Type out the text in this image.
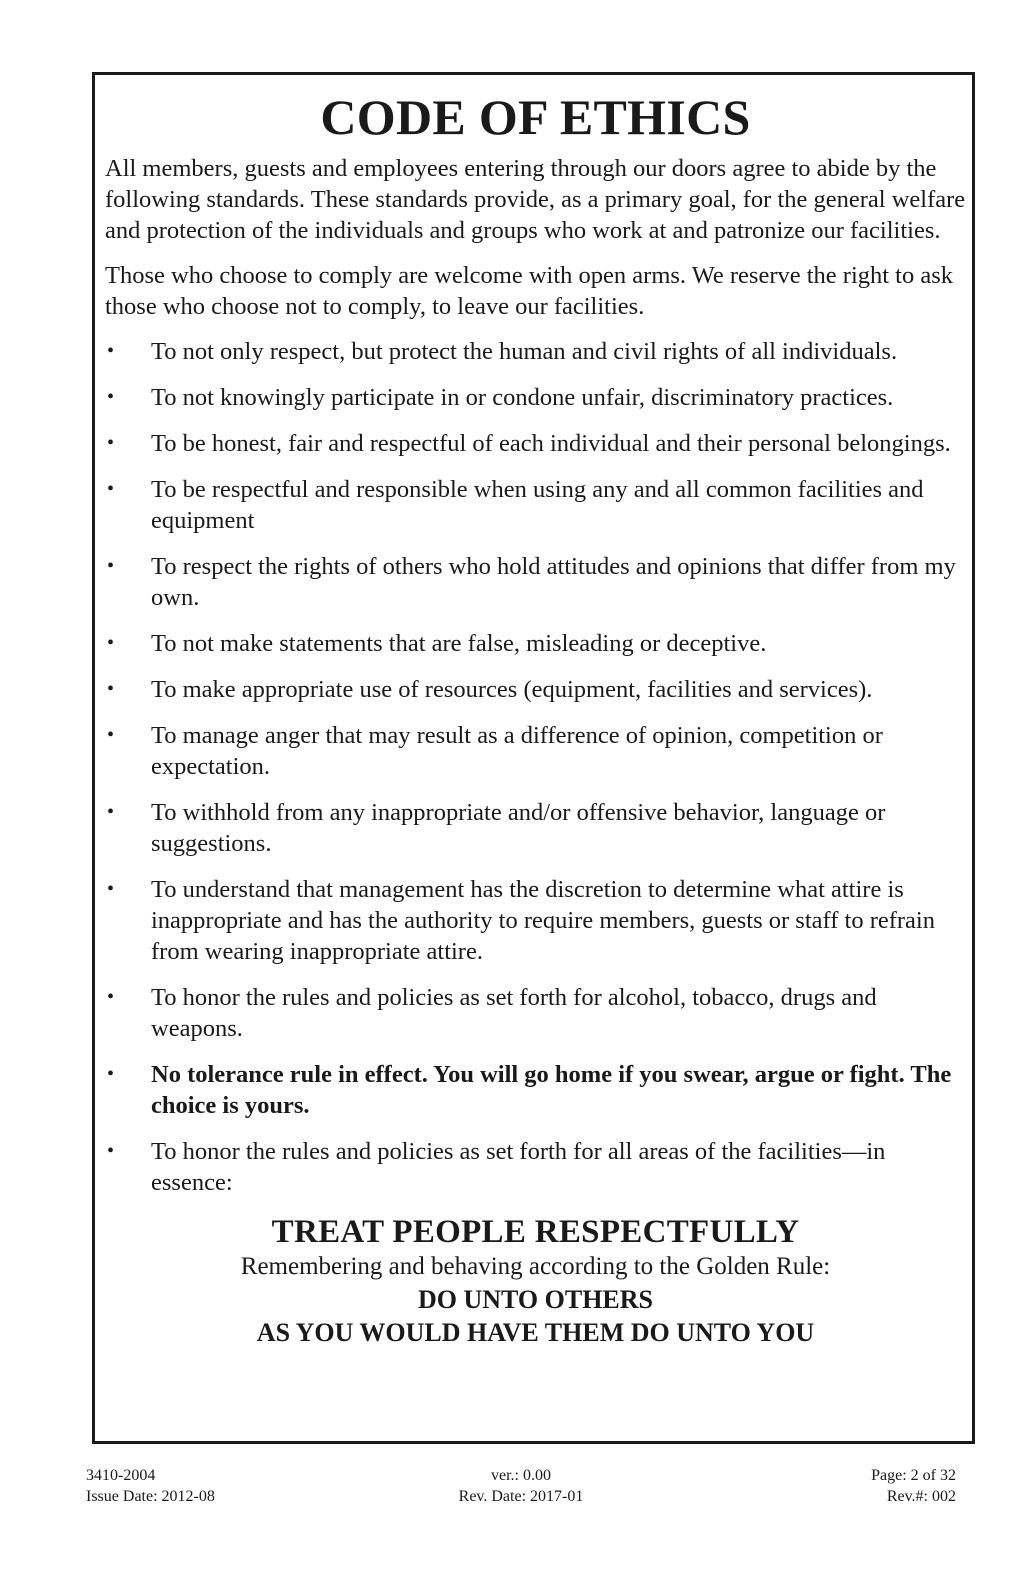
CODE OF ETHICS

All members, guests and employees entering through our doors agree to abide by the following standards. These standards provide, as a primary goal, for the general welfare and protection of the individuals and groups who work at and patronize our facilities.

Those who choose to comply are welcome with open arms. We reserve the right to ask those who choose not to comply, to leave our facilities.

•	To not only respect, but protect the human and civil rights of all individuals.
•	To not knowingly participate in or condone unfair, discriminatory practices.
•	To be honest, fair and respectful of each individual and their personal belongings.
•	To be respectful and responsible when using any and all common facilities and equipment
•	To respect the rights of others who hold attitudes and opinions that differ from my own.
•	To not make statements that are false, misleading or deceptive.
•	To make appropriate use of resources (equipment, facilities and services).
•	To manage anger that may result as a difference of opinion, competition or expectation.
•	To withhold from any inappropriate and/or offensive behavior, language or suggestions.
•	To understand that management has the discretion to determine what attire is inappropriate and has the authority to require members, guests or staff to refrain from wearing inappropriate attire.
•	To honor the rules and policies as set forth for alcohol, tobacco, drugs and weapons.
•	No tolerance rule in effect. You will go home if you swear, argue or fight. The choice is yours.
•	To honor the rules and policies as set forth for all areas of the facilities—in essence:
TREAT PEOPLE RESPECTFULLY
Remembering and behaving according to the Golden Rule:
DO UNTO OTHERS
AS YOU WOULD HAVE THEM DO UNTO YOU
3410-2004
Issue Date: 2012-08
ver.: 0.00
Rev. Date: 2017-01
Page: 2 of 32
Rev.#: 002
